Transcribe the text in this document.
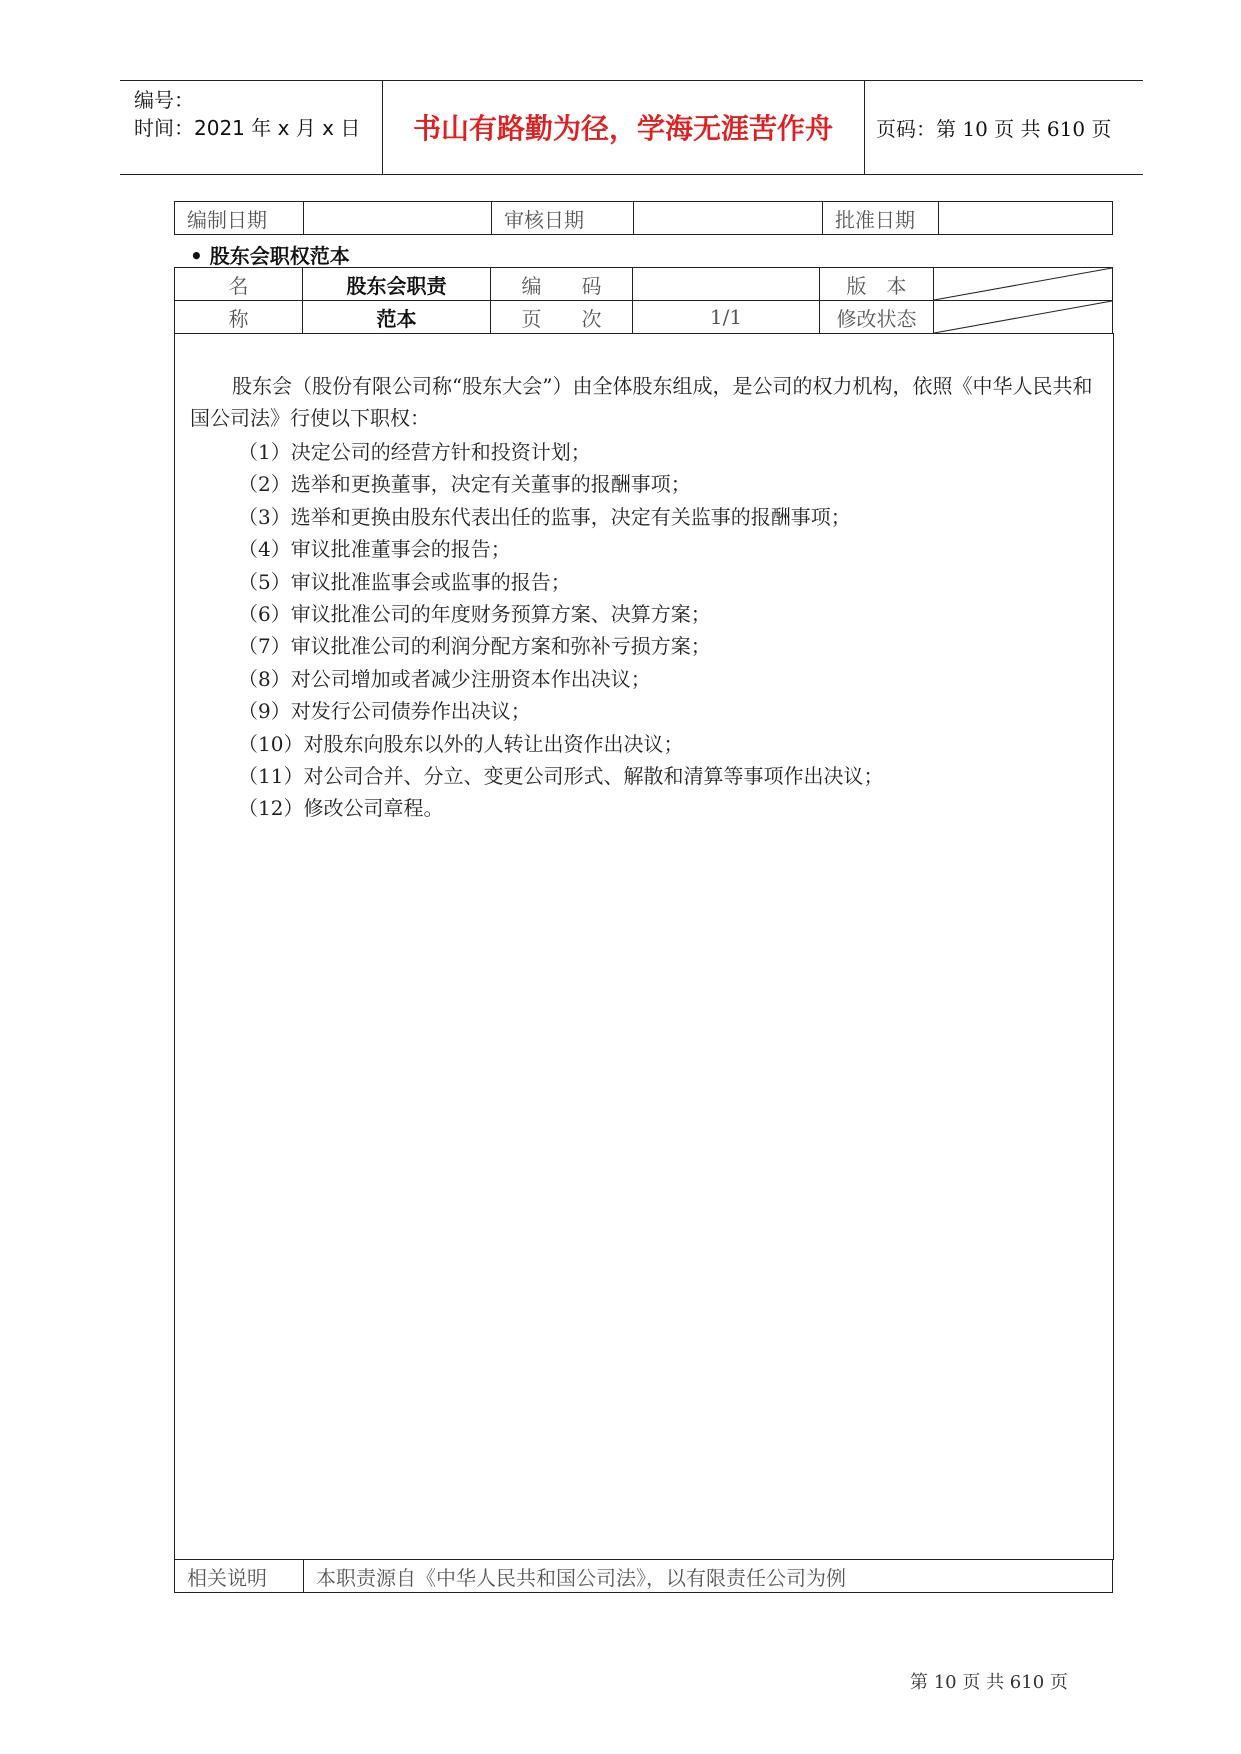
编号：
时间：2021 年 x 月 x 日	书山有路勤为径，学海无涯苦作舟	页码：第 10 页 共 610 页
编制日期		审核日期		批准日期	
• 股东会职权范本
名	股东会职责	编　　码		版　本	

称	范本	页　　次	1/1	修改状态	
股东会（股份有限公司称“股东大会”）由全体股东组成，是公司的权力机构，依照《中华人民共和国公司法》行使以下职权：
（1）决定公司的经营方针和投资计划；
（2）选举和更换董事，决定有关董事的报酬事项；
（3）选举和更换由股东代表出任的监事，决定有关监事的报酬事项；
（4）审议批准董事会的报告；
（5）审议批准监事会或监事的报告；
（6）审议批准公司的年度财务预算方案、决算方案；
（7）审议批准公司的利润分配方案和弥补亏损方案；
（8）对公司增加或者减少注册资本作出决议；
（9）对发行公司债券作出决议；
（10）对股东向股东以外的人转让出资作出决议；
（11）对公司合并、分立、变更公司形式、解散和清算等事项作出决议；
（12）修改公司章程。
相关说明	本职责源自《中华人民共和国公司法》，以有限责任公司为例
第 10 页 共 610 页
